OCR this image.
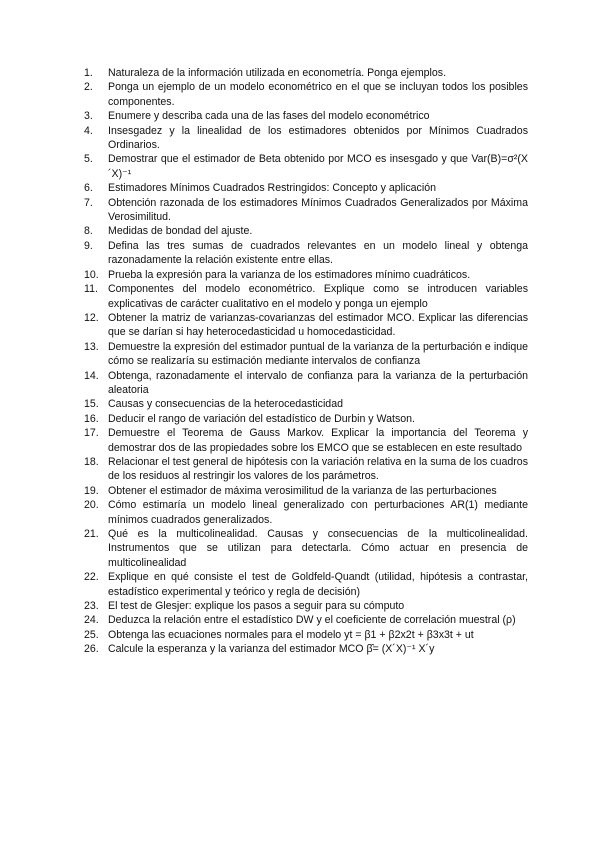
1.	Naturaleza de la información utilizada en econometría. Ponga ejemplos.
2.	Ponga un ejemplo de un modelo econométrico en el que se incluyan todos los posibles componentes.
3.	Enumere y describa cada una de las fases del modelo econométrico
4.	Insesgadez y la linealidad de los estimadores obtenidos por Mínimos Cuadrados Ordinarios.
5.	Demostrar que el estimador de Beta obtenido por MCO es insesgado y que Var(B)=σ²(X´X)⁻¹
6.	Estimadores Mínimos Cuadrados Restringidos: Concepto y aplicación
7.	Obtención razonada de los estimadores Mínimos Cuadrados Generalizados por Máxima Verosimilitud.
8.	Medidas de bondad del ajuste.
9.	Defina las tres sumas de cuadrados relevantes en un modelo lineal y obtenga razonadamente la relación existente entre ellas.
10. Prueba la expresión para la varianza de los estimadores mínimo cuadráticos.
11. Componentes del modelo econométrico. Explique como se introducen variables explicativas de carácter cualitativo en el modelo y ponga un ejemplo
12. Obtener la matriz de varianzas-covarianzas del estimador MCO. Explicar las diferencias que se darían si hay heterocedasticidad u homocedasticidad.
13. Demuestre la expresión del estimador puntual de la varianza de la perturbación e indique cómo se realizaría su estimación mediante intervalos de confianza
14. Obtenga, razonadamente el intervalo de confianza para la varianza de la perturbación aleatoria
15. Causas y consecuencias de la heterocedasticidad
16. Deducir el rango de variación del estadístico de Durbin y Watson.
17. Demuestre el Teorema de Gauss Markov. Explicar la importancia del Teorema y demostrar dos de las propiedades sobre los EMCO que se establecen en este resultado
18. Relacionar el test general de hipótesis con la variación relativa en la suma de los cuadros de los residuos al restringir los valores de los parámetros.
19. Obtener el estimador de máxima verosimilitud de la varianza de las perturbaciones
20. Cómo estimaría un modelo lineal generalizado con perturbaciones AR(1) mediante mínimos cuadrados generalizados.
21. Qué es la multicolinealidad. Causas y consecuencias de la multicolinealidad. Instrumentos que se utilizan para detectarla. Cómo actuar en presencia de multicolinealidad
22. Explique en qué consiste el test de Goldfeld-Quandt (utilidad, hipótesis a contrastar, estadístico experimental y teórico y regla de decisión)
23. El test de Glesjer: explique los pasos a seguir para su cómputo
24. Deduzca la relación entre el estadístico DW y el coeficiente de correlación muestral (ρ)
25. Obtenga las ecuaciones normales para el modelo yt = β1 + β2x2t + β3x3t + ut
26. Calcule la esperanza y la varianza del estimador MCO β̂= (X´X)⁻¹ X´y
